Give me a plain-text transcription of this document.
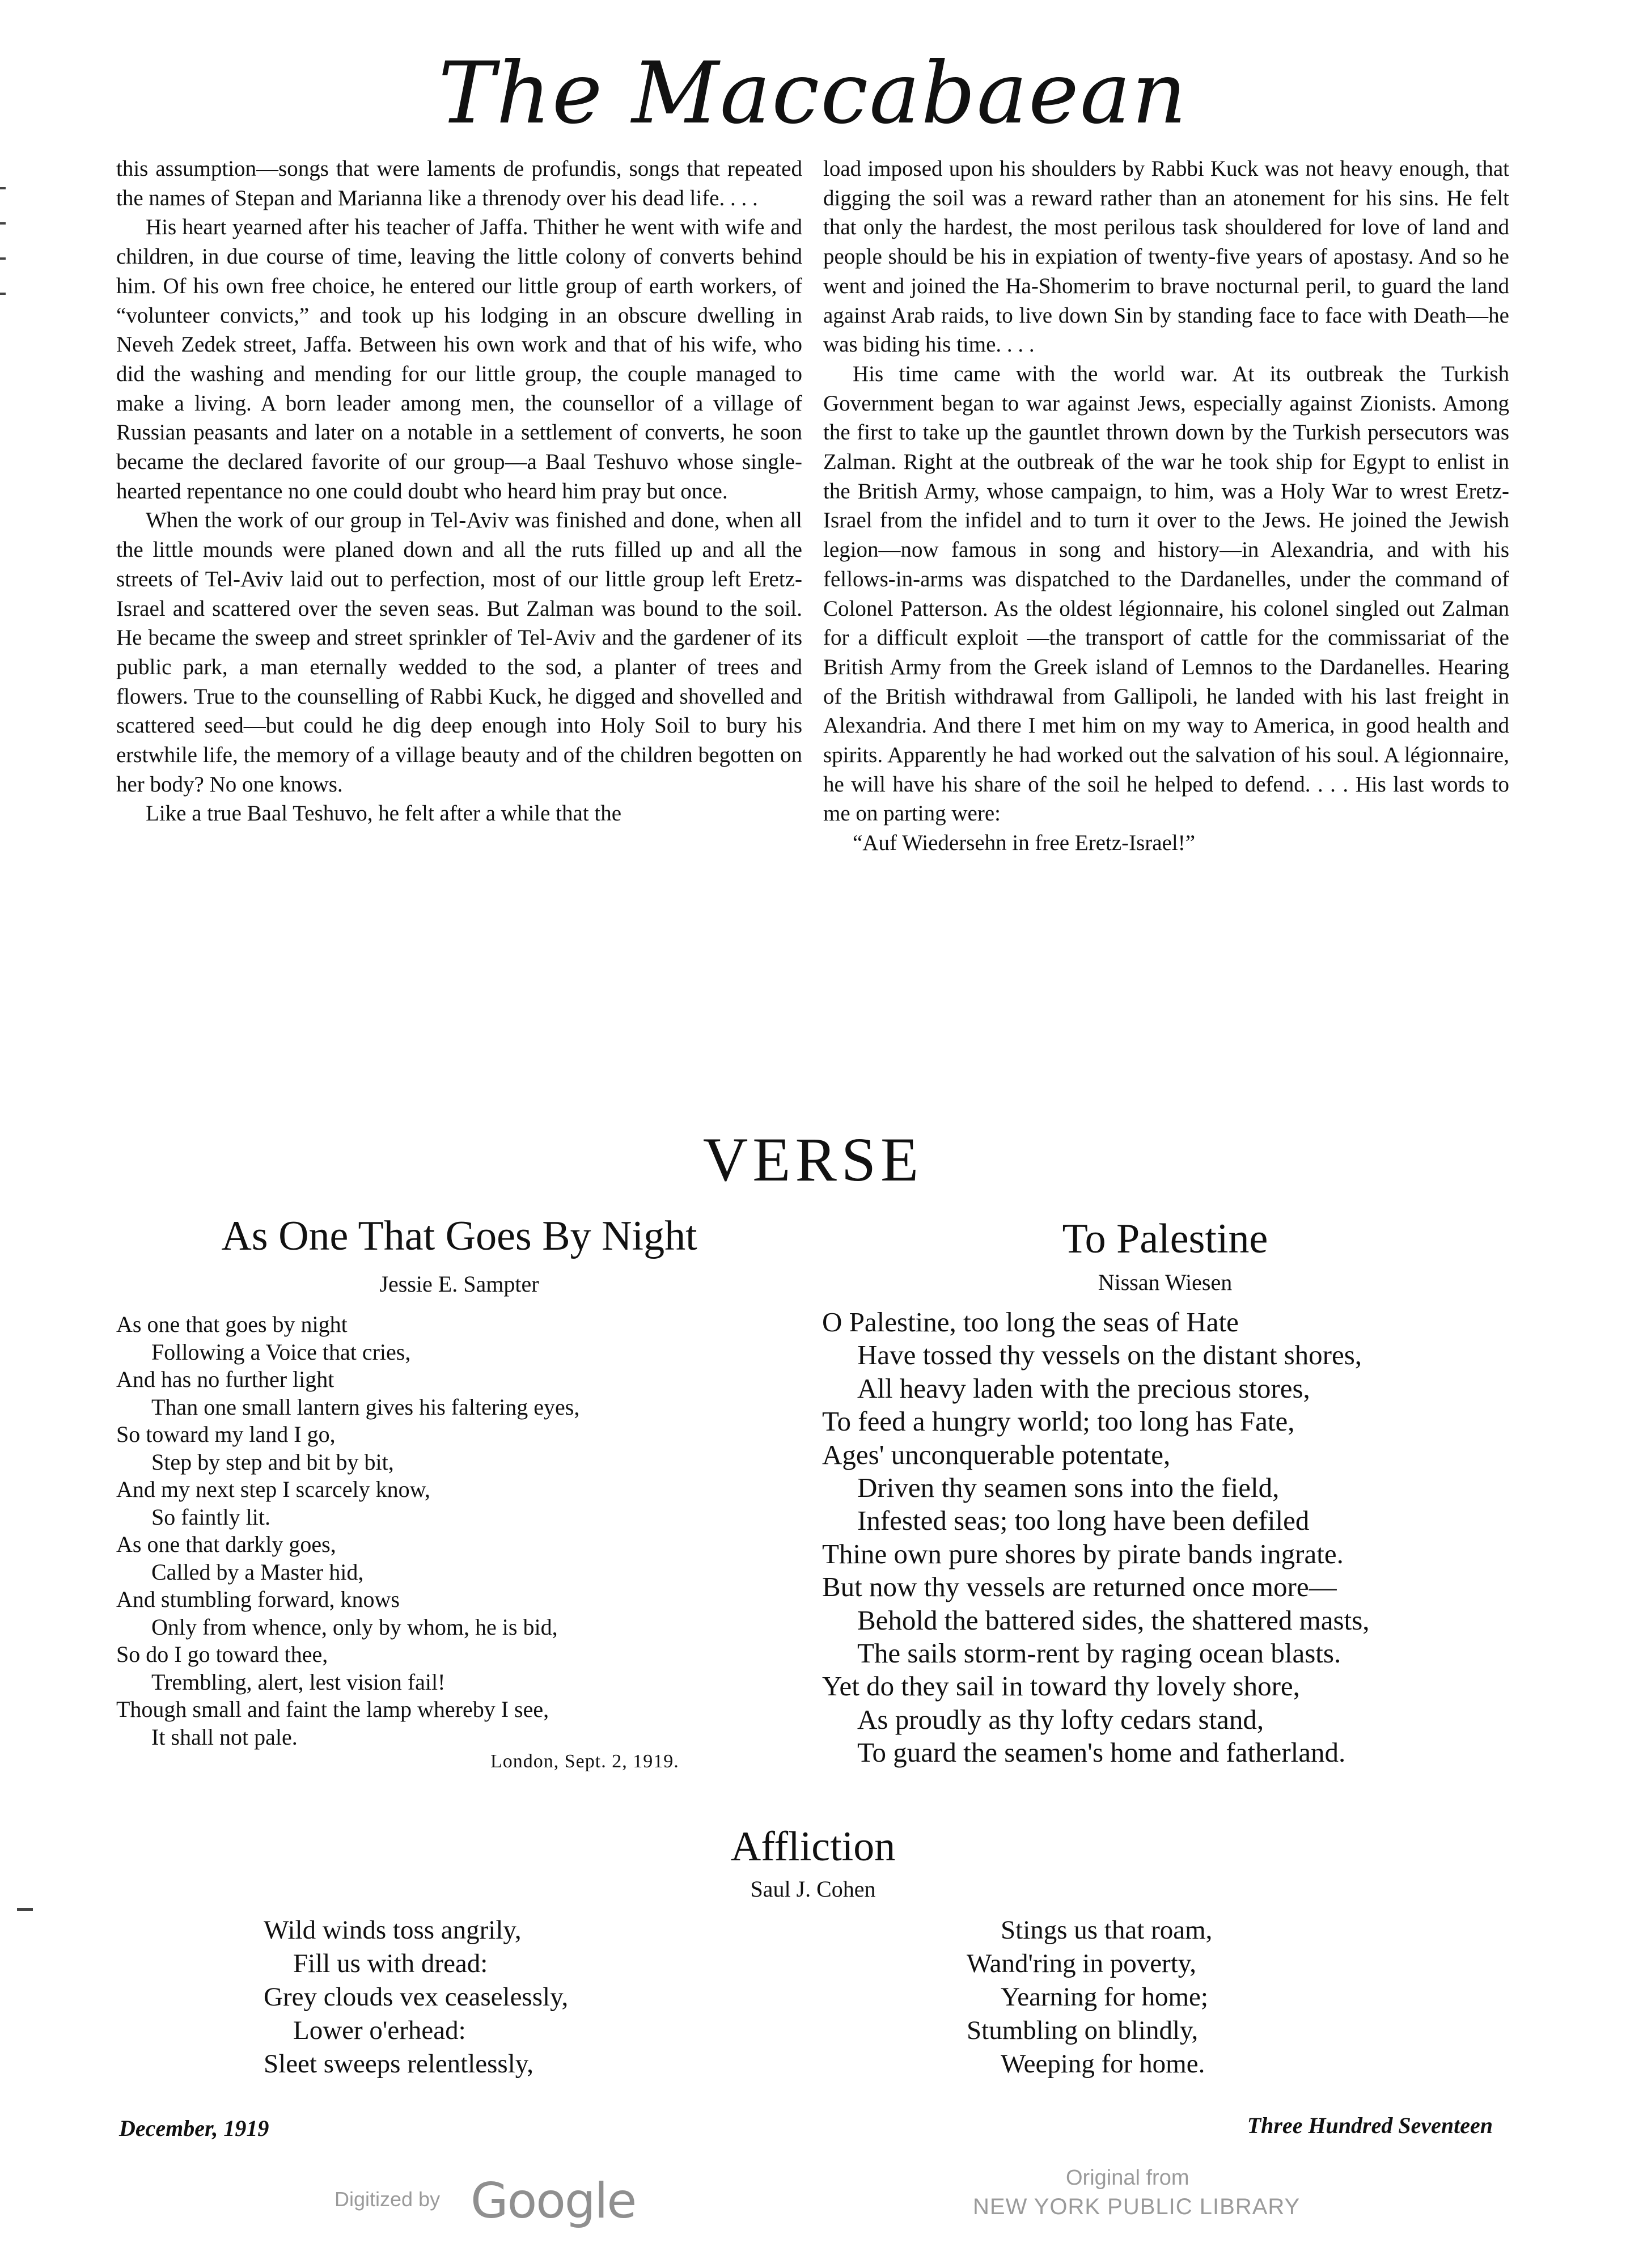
The Maccabaean

this assumption—songs that were laments de profundis, songs that repeated the names of Stepan and Marianna like a threnody over his dead life. . . .

His heart yearned after his teacher of Jaffa. Thither he went with wife and children, in due course of time, leaving the little colony of converts behind him. Of his own free choice, he entered our little group of earth workers, of “volunteer convicts,” and took up his lodging in an obscure dwelling in Neveh Zedek street, Jaffa. Between his own work and that of his wife, who did the washing and mending for our little group, the couple managed to make a living. A born leader among men, the counsellor of a village of Russian peasants and later on a notable in a settlement of converts, he soon became the declared favorite of our group—a Baal Teshuvo whose single-hearted repentance no one could doubt who heard him pray but once.

When the work of our group in Tel-Aviv was finished and done, when all the little mounds were planed down and all the ruts filled up and all the streets of Tel-Aviv laid out to perfection, most of our little group left Eretz-Israel and scattered over the seven seas. But Zalman was bound to the soil. He became the sweep and street sprinkler of Tel-Aviv and the gardener of its public park, a man eternally wedded to the sod, a planter of trees and flowers. True to the counselling of Rabbi Kuck, he digged and shovelled and scattered seed—but could he dig deep enough into Holy Soil to bury his erstwhile life, the memory of a village beauty and of the children begotten on her body? No one knows.

Like a true Baal Teshuvo, he felt after a while that the

load imposed upon his shoulders by Rabbi Kuck was not heavy enough, that digging the soil was a reward rather than an atonement for his sins. He felt that only the hardest, the most perilous task shouldered for love of land and people should be his in expiation of twenty-five years of apostasy. And so he went and joined the Ha-Shomerim to brave nocturnal peril, to guard the land against Arab raids, to live down Sin by standing face to face with Death—he was biding his time. . . .

His time came with the world war. At its outbreak the Turkish Government began to war against Jews, especially against Zionists. Among the first to take up the gauntlet thrown down by the Turkish persecutors was Zalman. Right at the outbreak of the war he took ship for Egypt to enlist in the British Army, whose campaign, to him, was a Holy War to wrest Eretz-Israel from the infidel and to turn it over to the Jews. He joined the Jewish legion—now famous in song and history—in Alexandria, and with his fellows-in-arms was dispatched to the Dardanelles, under the command of Colonel Patterson. As the oldest légionnaire, his colonel singled out Zalman for a difficult exploit —the transport of cattle for the commissariat of the British Army from the Greek island of Lemnos to the Dardanelles. Hearing of the British withdrawal from Gallipoli, he landed with his last freight in Alexandria. And there I met him on my way to America, in good health and spirits. Apparently he had worked out the salvation of his soul. A légionnaire, he will have his share of the soil he helped to defend. . . . His last words to me on parting were:

“Auf Wiedersehn in free Eretz-Israel!”

VERSE
As One That Goes By Night
Jessie E. Sampter
As one that goes by night
Following a Voice that cries,
And has no further light
Than one small lantern gives his faltering eyes,
So toward my land I go,
Step by step and bit by bit,
And my next step I scarcely know,
So faintly lit.
As one that darkly goes,
Called by a Master hid,
And stumbling forward, knows
Only from whence, only by whom, he is bid,
So do I go toward thee,
Trembling, alert, lest vision fail!
Though small and faint the lamp whereby I see,
It shall not pale.
London, Sept. 2, 1919.
To Palestine
Nissan Wiesen
O Palestine, too long the seas of Hate
Have tossed thy vessels on the distant shores,
All heavy laden with the precious stores,
To feed a hungry world; too long has Fate,
Ages' unconquerable potentate,
Driven thy seamen sons into the field,
Infested seas; too long have been defiled
Thine own pure shores by pirate bands ingrate.
But now thy vessels are returned once more—
Behold the battered sides, the shattered masts,
The sails storm-rent by raging ocean blasts.
Yet do they sail in toward thy lovely shore,
As proudly as thy lofty cedars stand,
To guard the seamen's home and fatherland.
Affliction
Saul J. Cohen
Wild winds toss angrily,
Fill us with dread:
Grey clouds vex ceaselessly,
Lower o'erhead:
Sleet sweeps relentlessly,
Stings us that roam,
Wand'ring in poverty,
Yearning for home;
Stumbling on blindly,
Weeping for home.
December, 1919	Three Hundred Seventeen
Digitized by Google	Original from
NEW YORK PUBLIC LIBRARY
